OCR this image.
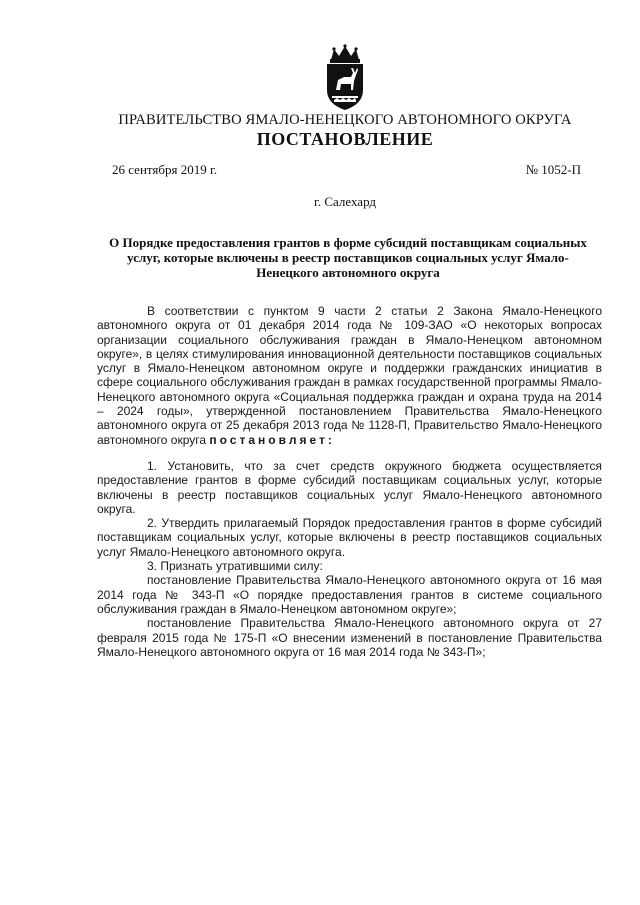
ПРАВИТЕЛЬСТВО ЯМАЛО-НЕНЕЦКОГО АВТОНОМНОГО ОКРУГА
ПОСТАНОВЛЕНИЕ
26 сентября 2019 г.	№ 1052-П
г. Салехард
О Порядке предоставления грантов в форме субсидий поставщикам социальных услуг, которые включены в реестр поставщиков социальных услуг Ямало-Ненецкого автономного округа

В соответствии с пунктом 9 части 2 статьи 2 Закона Ямало-Ненецкого автономного округа от 01 декабря 2014 года № 109-ЗАО «О некоторых вопросах организации социального обслуживания граждан в Ямало-Ненецком автономном округе», в целях стимулирования инновационной деятельности поставщиков социальных услуг в Ямало-Ненецком автономном округе и поддержки гражданских инициатив в сфере социального обслуживания граждан в рамках государственной программы Ямало-Ненецкого автономного округа «Социальная поддержка граждан и охрана труда на 2014 – 2024 годы», утвержденной постановлением Правительства Ямало-Ненецкого автономного округа от 25 декабря 2013 года № 1128-П, Правительство Ямало-Ненецкого автономного округа постановляет:

1. Установить, что за счет средств окружного бюджета осуществляется предоставление грантов в форме субсидий поставщикам социальных услуг, которые включены в реестр поставщиков социальных услуг Ямало-Ненецкого автономного округа.

2. Утвердить прилагаемый Порядок предоставления грантов в форме субсидий поставщикам социальных услуг, которые включены в реестр поставщиков социальных услуг Ямало-Ненецкого автономного округа.

3. Признать утратившими силу:

постановление Правительства Ямало-Ненецкого автономного округа от 16 мая 2014 года № 343-П «О порядке предоставления грантов в системе социального обслуживания граждан в Ямало-Ненецком автономном округе»;

постановление Правительства Ямало-Ненецкого автономного округа от 27 февраля 2015 года № 175-П «О внесении изменений в постановление Правительства Ямало-Ненецкого автономного округа от 16 мая 2014 года № 343-П»;
